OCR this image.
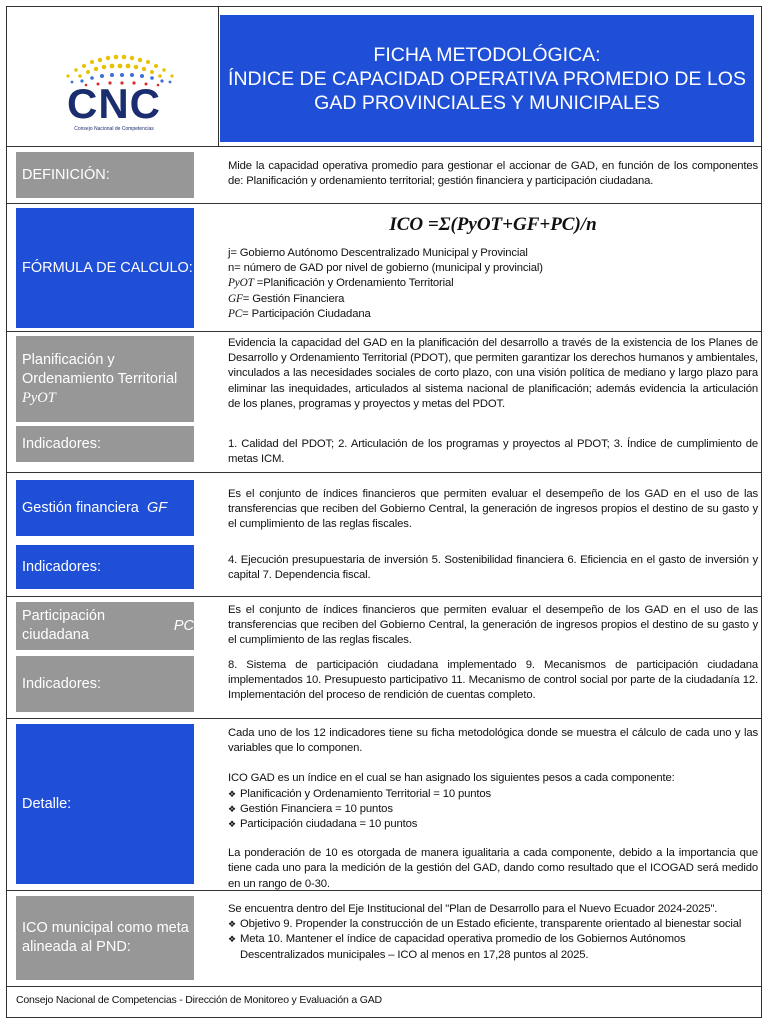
CNC
Consejo Nacional de Competencias
FICHA METODOLÓGICA:
ÍNDICE DE CAPACIDAD OPERATIVA PROMEDIO DE LOS
GAD PROVINCIALES Y MUNICIPALES
DEFINICIÓN:
Mide la capacidad operativa promedio para gestionar el accionar de GAD, en función de los componentes de: Planificación y ordenamiento territorial; gestión financiera y participación ciudadana.
FÓRMULA DE CALCULO:
ICO =Σ(PyOT+GF+PC)/n

j= Gobierno Autónomo Descentralizado Municipal y Provincial

n= número de GAD por nivel de gobierno (municipal y provincial)

PyOT =Planificación y Ordenamiento Territorial

GF= Gestión Financiera

PC= Participación Ciudadana

Planificación y
Ordenamiento Territorial
PyOT
Evidencia la capacidad del GAD en la planificación del desarrollo a través de la existencia de los Planes de Desarrollo y Ordenamiento Territorial (PDOT), que permiten garantizar los derechos humanos y ambientales, vinculados a las necesidades sociales de corto plazo, con una visión política de mediano y largo plazo para eliminar las inequidades, articulados al sistema nacional de planificación; además evidencia la articulación de los planes, programas y proyectos y metas del PDOT.
Indicadores:	1. Calidad del PDOT; 2. Articulación de los programas y proyectos al PDOT; 3. Índice de cumplimiento de metas ICM.
Gestión financiera
GF
Es el conjunto de índices financieros que permiten evaluar el desempeño de los GAD en el uso de las transferencias que reciben del Gobierno Central, la generación de ingresos propios el destino de su gasto y el cumplimiento de las reglas fiscales.
Indicadores:	4. Ejecución presupuestaria de inversión 5. Sostenibilidad financiera 6. Eficiencia en el gasto de inversión y capital 7. Dependencia fiscal.
Participación ciudadana

PC
Es el conjunto de índices financieros que permiten evaluar el desempeño de los GAD en el uso de las transferencias que reciben del Gobierno Central, la generación de ingresos propios el destino de su gasto y el cumplimiento de las reglas fiscales.
Indicadores:
8. Sistema de participación ciudadana implementado 9. Mecanismos de participación ciudadana implementados 10. Presupuesto participativo 11. Mecanismo de control social por parte de la ciudadanía 12. Implementación del proceso de rendición de cuentas completo.
Detalle:

Cada uno de los 12 indicadores tiene su ficha metodológica donde se muestra el cálculo de cada uno y las variables que lo componen.

ICO GAD es un índice en el cual se han asignado los siguientes pesos a cada componente:

❖ Planificación y Ordenamiento Territorial = 10 puntos
❖ Gestión Financiera = 10 puntos
❖ Participación ciudadana = 10 puntos

La ponderación de 10 es otorgada de manera igualitaria a cada componente, debido a la importancia que tiene cada uno para la medición de la gestión del GAD, dando como resultado que el ICOGAD será medido en un rango de 0-30.

ICO municipal como meta
alineada al PND:

Se encuentra dentro del Eje Institucional del "Plan de Desarrollo para el Nuevo Ecuador 2024-2025".

❖ Objetivo 9. Propender la construcción de un Estado eficiente, transparente orientado al bienestar social
❖ Meta 10. Mantener el índice de capacidad operativa promedio de los Gobiernos Autónomos Descentralizados municipales – ICO al menos en 17,28 puntos al 2025.
Consejo Nacional de Competencias - Dirección de Monitoreo y Evaluación a GAD
